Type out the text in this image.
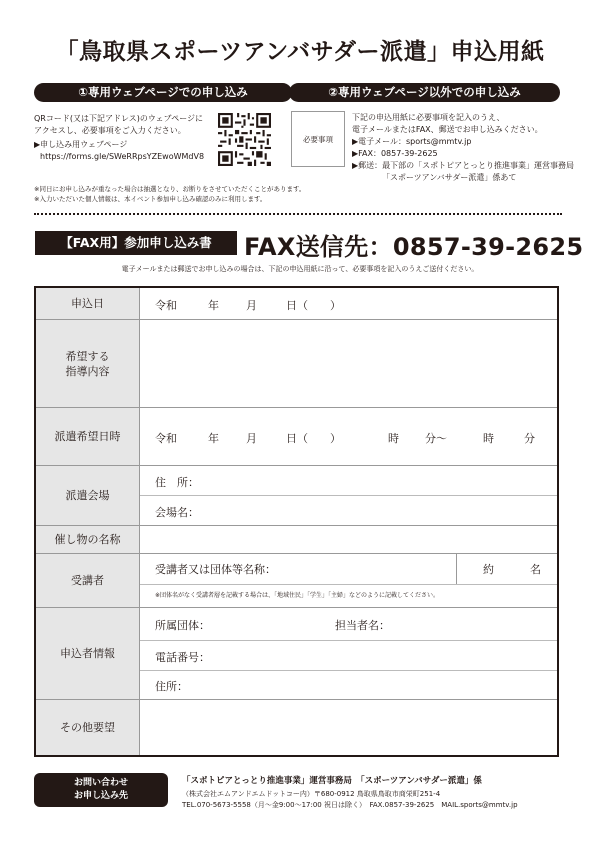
「鳥取県スポーツアンバサダー派遣」申込用紙
①専用ウェブページでの申し込み	②専用ウェブページ以外での申し込み
QRコード(又は下記アドレス)のウェブページに
アクセスし、必要事項をご入力ください。
▶申し込み用ウェブページ
https://forms.gle/SWeRRpsYZEwoWMdV8
必要事項
下記の申込用紙に必要事項を記入のうえ、
電子メールまたはFAX、郵送でお申し込みください。
▶電子メール：sports@mmtv.jp
▶FAX：0857-39-2625
▶郵送：最下部の「スポトピアとっとり推進事業」運営事務局
「スポーツアンバサダー派遣」係あて
※同日にお申し込みが重なった場合は抽選となり、お断りをさせていただくことがあります。
※入力いただいた個人情報は、本イベント参加申し込み確認のみに利用します。
【FAX用】参加申し込み書	FAX送信先：0857-39-2625
電子メールまたは郵送でお申し込みの場合は、下記の申込用紙に沿って、必要事項を記入のうえご送付ください。
申込日	令和	年 月	日（　　）
希望する
指導内容
派遣希望日時	令和	年 月	日（　　）	時 分～	時	分
派遣会場
住　所：
会場名：
催し物の名称
受講者
受講者又は団体等名称：	約	名
※団体名がなく受講者層を記載する場合は、「地域住民」「学生」「主婦」などのように記載してください。
申込者情報
所属団体：	担当者名：
電話番号：
住所：
その他要望
お問い合わせ
お申し込み先
「スポトピアとっとり推進事業」運営事務局　「スポーツアンバサダー派遣」係
（株式会社エムアンドエムドットコー内）〒680-0912 鳥取県鳥取市商栄町251-4
TEL.070-5673-5558（月～金9:00～17:00 祝日は除く）　FAX.0857-39-2625　MAIL.sports@mmtv.jp
